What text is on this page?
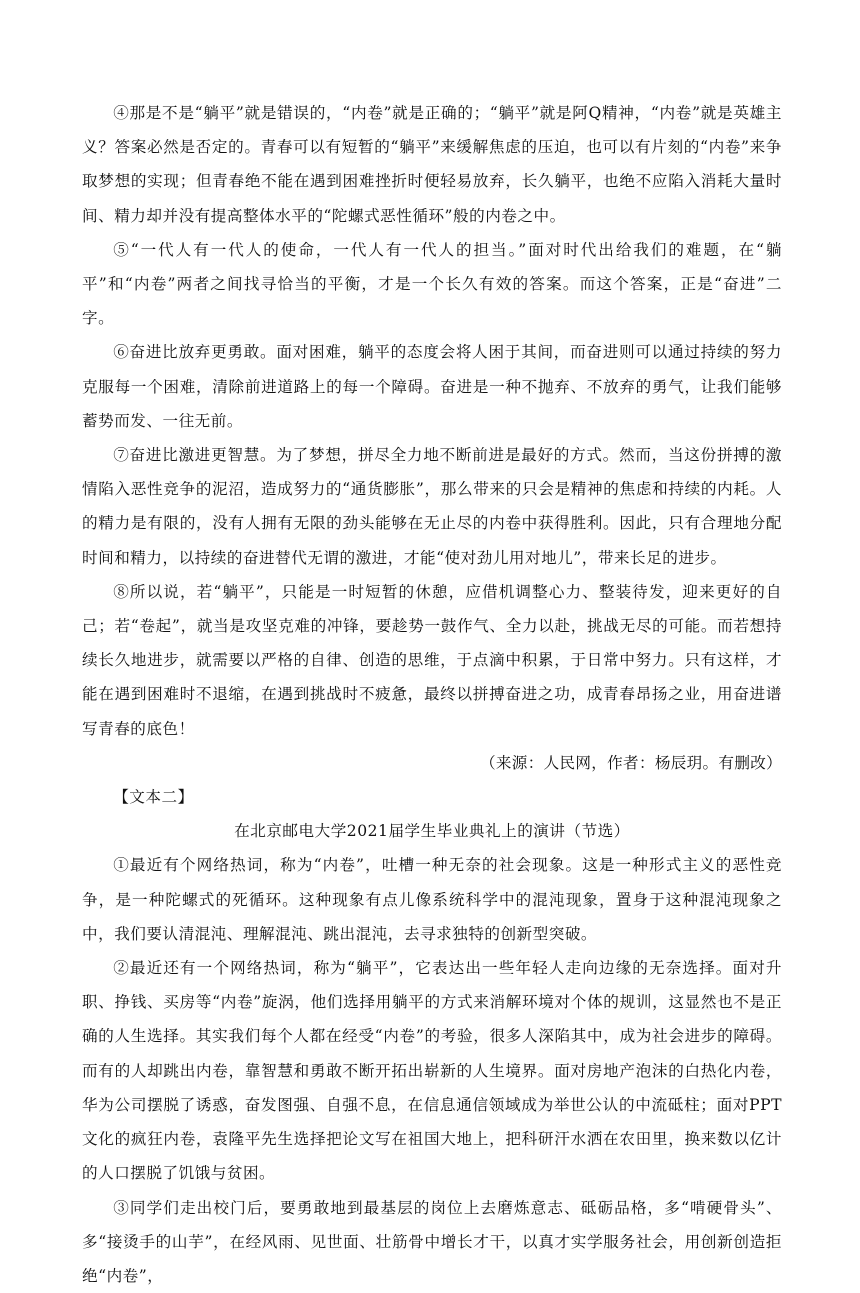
④那是不是“躺平”就是错误的，“内卷”就是正确的；“躺平”就是阿Q精神，“内卷”就是英雄主义？答案必然是否定的。青春可以有短暂的“躺平”来缓解焦虑的压迫，也可以有片刻的“内卷”来争取梦想的实现；但青春绝不能在遇到困难挫折时便轻易放弃，长久躺平，也绝不应陷入消耗大量时间、精力却并没有提高整体水平的“陀螺式恶性循环”般的内卷之中。

⑤“一代人有一代人的使命，一代人有一代人的担当。”面对时代出给我们的难题，在“躺平”和“内卷”两者之间找寻恰当的平衡，才是一个长久有效的答案。而这个答案，正是“奋进”二字。

⑥奋进比放弃更勇敢。面对困难，躺平的态度会将人困于其间，而奋进则可以通过持续的努力克服每一个困难，清除前进道路上的每一个障碍。奋进是一种不抛弃、不放弃的勇气，让我们能够蓄势而发、一往无前。

⑦奋进比激进更智慧。为了梦想，拼尽全力地不断前进是最好的方式。然而，当这份拼搏的激情陷入恶性竞争的泥沼，造成努力的“通货膨胀”，那么带来的只会是精神的焦虑和持续的内耗。人的精力是有限的，没有人拥有无限的劲头能够在无止尽的内卷中获得胜利。因此，只有合理地分配时间和精力，以持续的奋进替代无谓的激进，才能“使对劲儿用对地儿”，带来长足的进步。

⑧所以说，若“躺平”，只能是一时短暂的休憩，应借机调整心力、整装待发，迎来更好的自己；若“卷起”，就当是攻坚克难的冲锋，要趁势一鼓作气、全力以赴，挑战无尽的可能。而若想持续长久地进步，就需要以严格的自律、创造的思维，于点滴中积累，于日常中努力。只有这样，才能在遇到困难时不退缩，在遇到挑战时不疲惫，最终以拼搏奋进之功，成青春昂扬之业，用奋进谱写青春的底色！

（来源：人民网，作者：杨辰玥。有删改）

【文本二】

在北京邮电大学2021届学生毕业典礼上的演讲（节选）

①最近有个网络热词，称为“内卷”，吐槽一种无奈的社会现象。这是一种形式主义的恶性竞争，是一种陀螺式的死循环。这种现象有点儿像系统科学中的混沌现象，置身于这种混沌现象之中，我们要认清混沌、理解混沌、跳出混沌，去寻求独特的创新型突破。

②最近还有一个网络热词，称为“躺平”，它表达出一些年轻人走向边缘的无奈选择。面对升职、挣钱、买房等“内卷”旋涡，他们选择用躺平的方式来消解环境对个体的规训，这显然也不是正确的人生选择。其实我们每个人都在经受“内卷”的考验，很多人深陷其中，成为社会进步的障碍。而有的人却跳出内卷，靠智慧和勇敢不断开拓出崭新的人生境界。面对房地产泡沫的白热化内卷，华为公司摆脱了诱惑，奋发图强、自强不息，在信息通信领域成为举世公认的中流砥柱；面对PPT文化的疯狂内卷，袁隆平先生选择把论文写在祖国大地上，把科研汗水洒在农田里，换来数以亿计的人口摆脱了饥饿与贫困。

③同学们走出校门后，要勇敢地到最基层的岗位上去磨炼意志、砥砺品格，多“啃硬骨头”、多“接烫手的山芋”，在经风雨、见世面、壮筋骨中增长才干，以真才实学服务社会，用创新创造拒绝“内卷”，
